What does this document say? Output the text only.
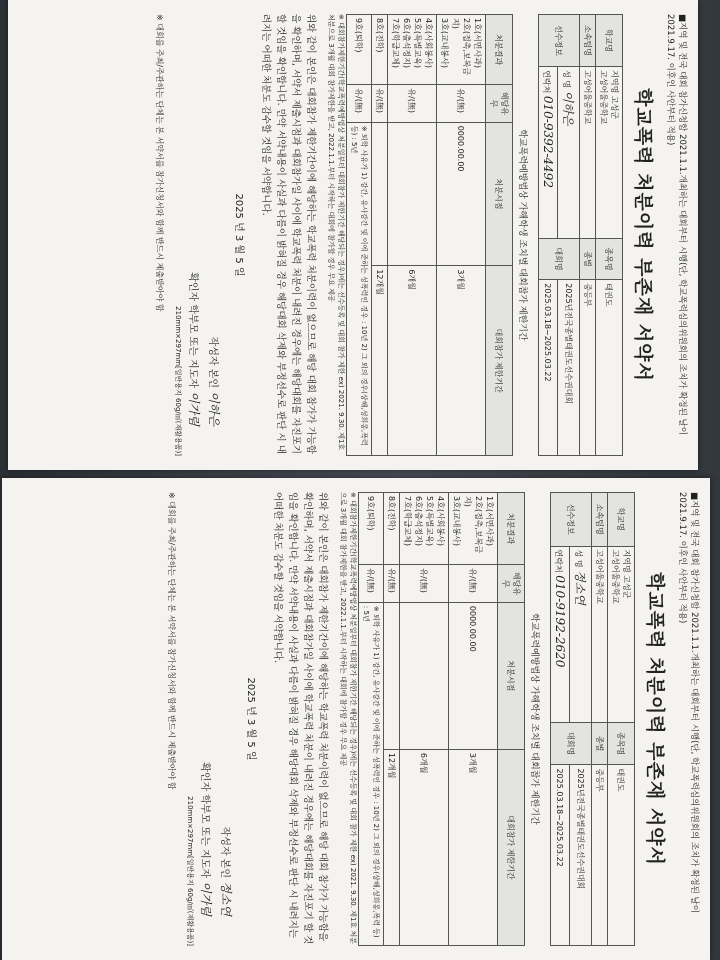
■지역 및 전국 대회 참가신청함 2021.1.1.개최하는 대회부터 시행(단, 학교폭력심의위원회의 조치가 확정된 날이 2021.9.17. 이후인 사안부터 적용)
학교폭력 처분이력 부존재 서약서
학교명	지역명 고성군
고성어울중학교	종목명	태권도
소속팀명	고성어울중학교	종별	중등부
선수정보	성 명 이하은	대회명	2025년전국종별태권도선수권대회
	연락처 010-9392-4492		2025.03.18~2025.03.22
학교폭력예방법상 가해학생 조치별 대회참가 제한기간
처분결과	해당유무	처분시점	대회참가 제한기간
1호(서면사과)
2호(접촉,보복금지)
3호(교내봉사)	유/(無)	0000.00.00	3개월
4호(사회봉사)
5호(특별교육)
6호(출석정지)
7호(학급교체)	유/(無)		6개월
8호(전학)	유/(無)		12개월
9호(퇴학)	유/(無)	※ 퇴학 사유가 1) 강간, 유사강간 및 이에 준하는 성폭력인 경우 : 10년 2) 그 외의 경우(상해,성희롱,폭력 등) : 5년	
※ 대회참가제한기간(학교폭력예방법상 처분일부터 대회참가 제한기간 해당되는 경우)에는 선수등록 및 대회 참가 제한 ex) 2021. 9.30. 제1호 처분으로 3개월 대회 참가제한을 받고, 2022.1.1.부터 시작하는 대회에 참가할 경우 무요 제공
위와 같이 본인은 대회참가 제한기간이에 해당하는 학교폭력 처분이력이 없으므로 해당 대회 참가가 가능함을 확인하며, 서약서 제출시점과 대회참가일 사이에 학교폭력 처분이 내려진 경우에는 해당대회를 자진포기 할 것임을 확인합니다. 만약 서약내용이 사실과 다름이 밝혀질 경우 해당대회 삭제와 부정선수로 판단 시 내려지는 어떠한 처분도 감수할 것임을 서약합니다.
2025 년 3 월 5 일
작성자 본인 이하은
확인자 학부모 또는 지도자 이가림
210mm×297mm[일반용지 60g/㎡(재활용품)]
※ 대회를 주최/주관하는 단체는 본 서약서를 참가신청서와 함께 반드시 제출받아야 함
■지역 및 전국 대회 참가신청함 2021.1.1.개최하는 대회부터 시행(단, 학교폭력심의위원회의 조치가 확정된 날이 2021.9.17. 이후인 사안부터 적용)
학교폭력 처분이력 부존재 서약서
학교명	지역명 고성군
고성어울중학교	종목명	태권도
소속팀명	고성어울중학교	종별	중등부
선수정보	성 명 정소연	대회명	2025년전국종별태권도선수권대회
	연락처 010-9192-2620		2025.03.18~2025.03.22
학교폭력예방법상 가해학생 조치별 대회참가 제한기간
처분결과	해당유무	처분시점	대회참가 제한기간
1호(서면사과)
2호(접촉,보복금지)
3호(교내봉사)	유/(無)	0000.00.00	3개월
4호(사회봉사)
5호(특별교육)
6호(출석정지)
7호(학급교체)	유/(無)		6개월
8호(전학)	유/(無)		12개월
9호(퇴학)	유/(無)	※ 퇴학 사유가 1) 강간, 유사강간 및 이에 준하는 성폭력인 경우 : 10년 2) 그 외의 경우(상해,성희롱,폭력 등) : 5년	
※ 대회참가제한기간(학교폭력예방법상 처분일부터 대회참가 제한기간 해당되는 경우)에는 선수등록 및 대회 참가 제한 ex) 2021. 9.30. 제1호 처분으로 3개월 대회 참가제한을 받고, 2022.1.1.부터 시작하는 대회에 참가할 경우 무요 제공
위와 같이 본인은 대회참가 제한기간이에 해당하는 학교폭력 처분이력이 없으므로 해당 대회 참가가 가능함을 확인하며, 서약서 제출시점과 대회참가일 사이에 학교폭력 처분이 내려진 경우에는 해당대회를 자진포기 할 것임을 확인합니다. 만약 서약내용이 사실과 다름이 밝혀질 경우 해당대회 삭제와 부정선수로 판단 시 내려지는 어떠한 처분도 감수할 것임을 서약합니다.
2025 년 3 월 5 일
작성자 본인 정소연
확인자 학부모 또는 지도자 이가림
210mm×297mm[일반용지 60g/㎡(재활용품)]
※ 대회를 주최/주관하는 단체는 본 서약서를 참가신청서와 함께 반드시 제출받아야 함
